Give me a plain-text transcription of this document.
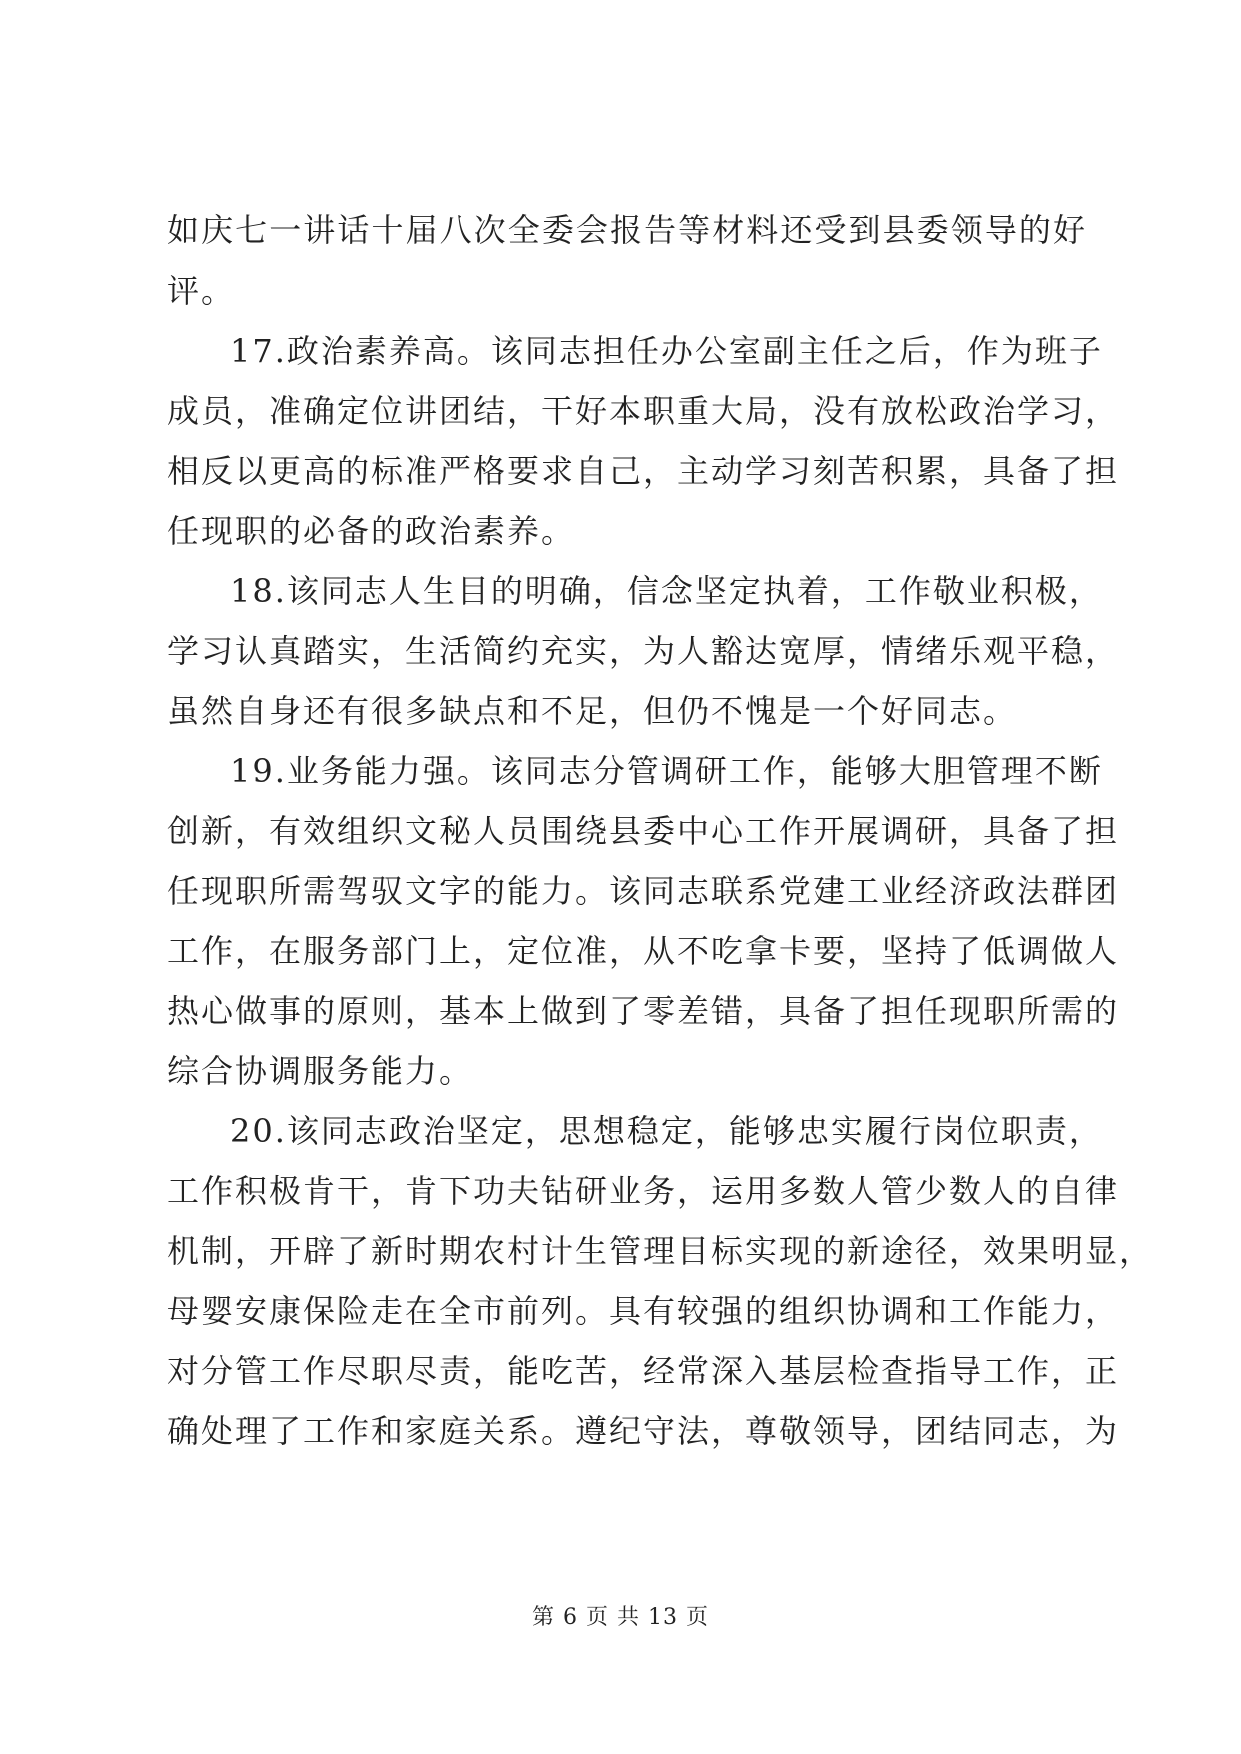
如庆七一讲话十届八次全委会报告等材料还受到县委领导的好
评。
17.政治素养高。该同志担任办公室副主任之后，作为班子
成员，准确定位讲团结，干好本职重大局，没有放松政治学习，
相反以更高的标准严格要求自己，主动学习刻苦积累，具备了担
任现职的必备的政治素养。
18.该同志人生目的明确，信念坚定执着，工作敬业积极，
学习认真踏实，生活简约充实，为人豁达宽厚，情绪乐观平稳，
虽然自身还有很多缺点和不足，但仍不愧是一个好同志。
19.业务能力强。该同志分管调研工作，能够大胆管理不断
创新，有效组织文秘人员围绕县委中心工作开展调研，具备了担
任现职所需驾驭文字的能力。该同志联系党建工业经济政法群团
工作，在服务部门上，定位准，从不吃拿卡要，坚持了低调做人
热心做事的原则，基本上做到了零差错，具备了担任现职所需的
综合协调服务能力。
20.该同志政治坚定，思想稳定，能够忠实履行岗位职责，
工作积极肯干，肯下功夫钻研业务，运用多数人管少数人的自律
机制，开辟了新时期农村计生管理目标实现的新途径，效果明显，
母婴安康保险走在全市前列。具有较强的组织协调和工作能力，
对分管工作尽职尽责，能吃苦，经常深入基层检查指导工作，正
确处理了工作和家庭关系。遵纪守法，尊敬领导，团结同志，为
第 6 页 共 13 页
